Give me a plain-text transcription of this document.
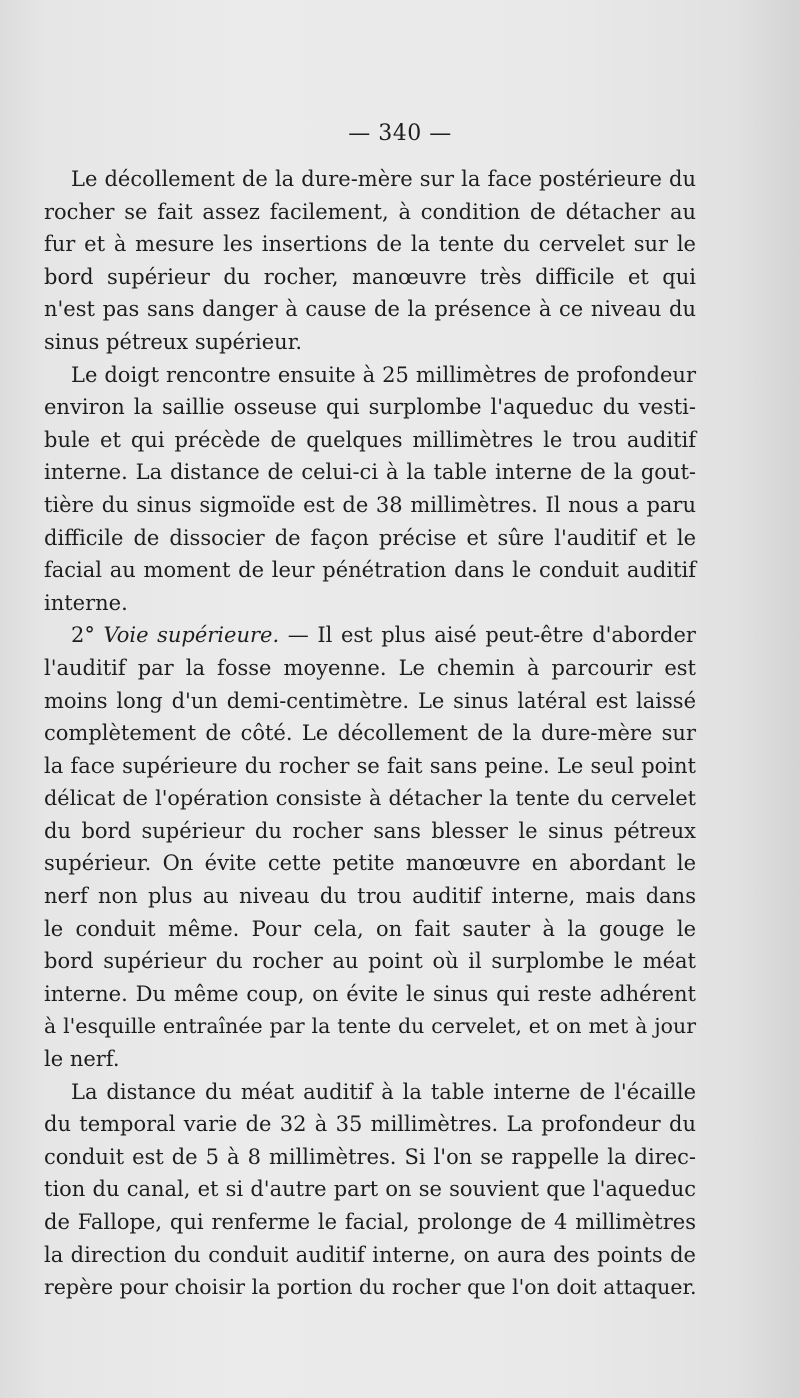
— 340 —
Le décollement de la dure-mère sur la face postérieure du
rocher se fait assez facilement, à condition de détacher au
fur et à mesure les insertions de la tente du cervelet sur le
bord supérieur du rocher, manœuvre très difficile et qui
n'est pas sans danger à cause de la présence à ce niveau du
sinus pétreux supérieur.
Le doigt rencontre ensuite à 25 millimètres de profondeur
environ la saillie osseuse qui surplombe l'aqueduc du vesti-
bule et qui précède de quelques millimètres le trou auditif
interne. La distance de celui-ci à la table interne de la gout-
tière du sinus sigmoïde est de 38 millimètres. Il nous a paru
difficile de dissocier de façon précise et sûre l'auditif et le
facial au moment de leur pénétration dans le conduit auditif
interne.
2° Voie supérieure. — Il est plus aisé peut-être d'aborder
l'auditif par la fosse moyenne. Le chemin à parcourir est
moins long d'un demi-centimètre. Le sinus latéral est laissé
complètement de côté. Le décollement de la dure-mère sur
la face supérieure du rocher se fait sans peine. Le seul point
délicat de l'opération consiste à détacher la tente du cervelet
du bord supérieur du rocher sans blesser le sinus pétreux
supérieur. On évite cette petite manœuvre en abordant le
nerf non plus au niveau du trou auditif interne, mais dans
le conduit même. Pour cela, on fait sauter à la gouge le
bord supérieur du rocher au point où il surplombe le méat
interne. Du même coup, on évite le sinus qui reste adhérent
à l'esquille entraînée par la tente du cervelet, et on met à jour
le nerf.
La distance du méat auditif à la table interne de l'écaille
du temporal varie de 32 à 35 millimètres. La profondeur du
conduit est de 5 à 8 millimètres. Si l'on se rappelle la direc-
tion du canal, et si d'autre part on se souvient que l'aqueduc
de Fallope, qui renferme le facial, prolonge de 4 millimètres
la direction du conduit auditif interne, on aura des points de
repère pour choisir la portion du rocher que l'on doit attaquer.
